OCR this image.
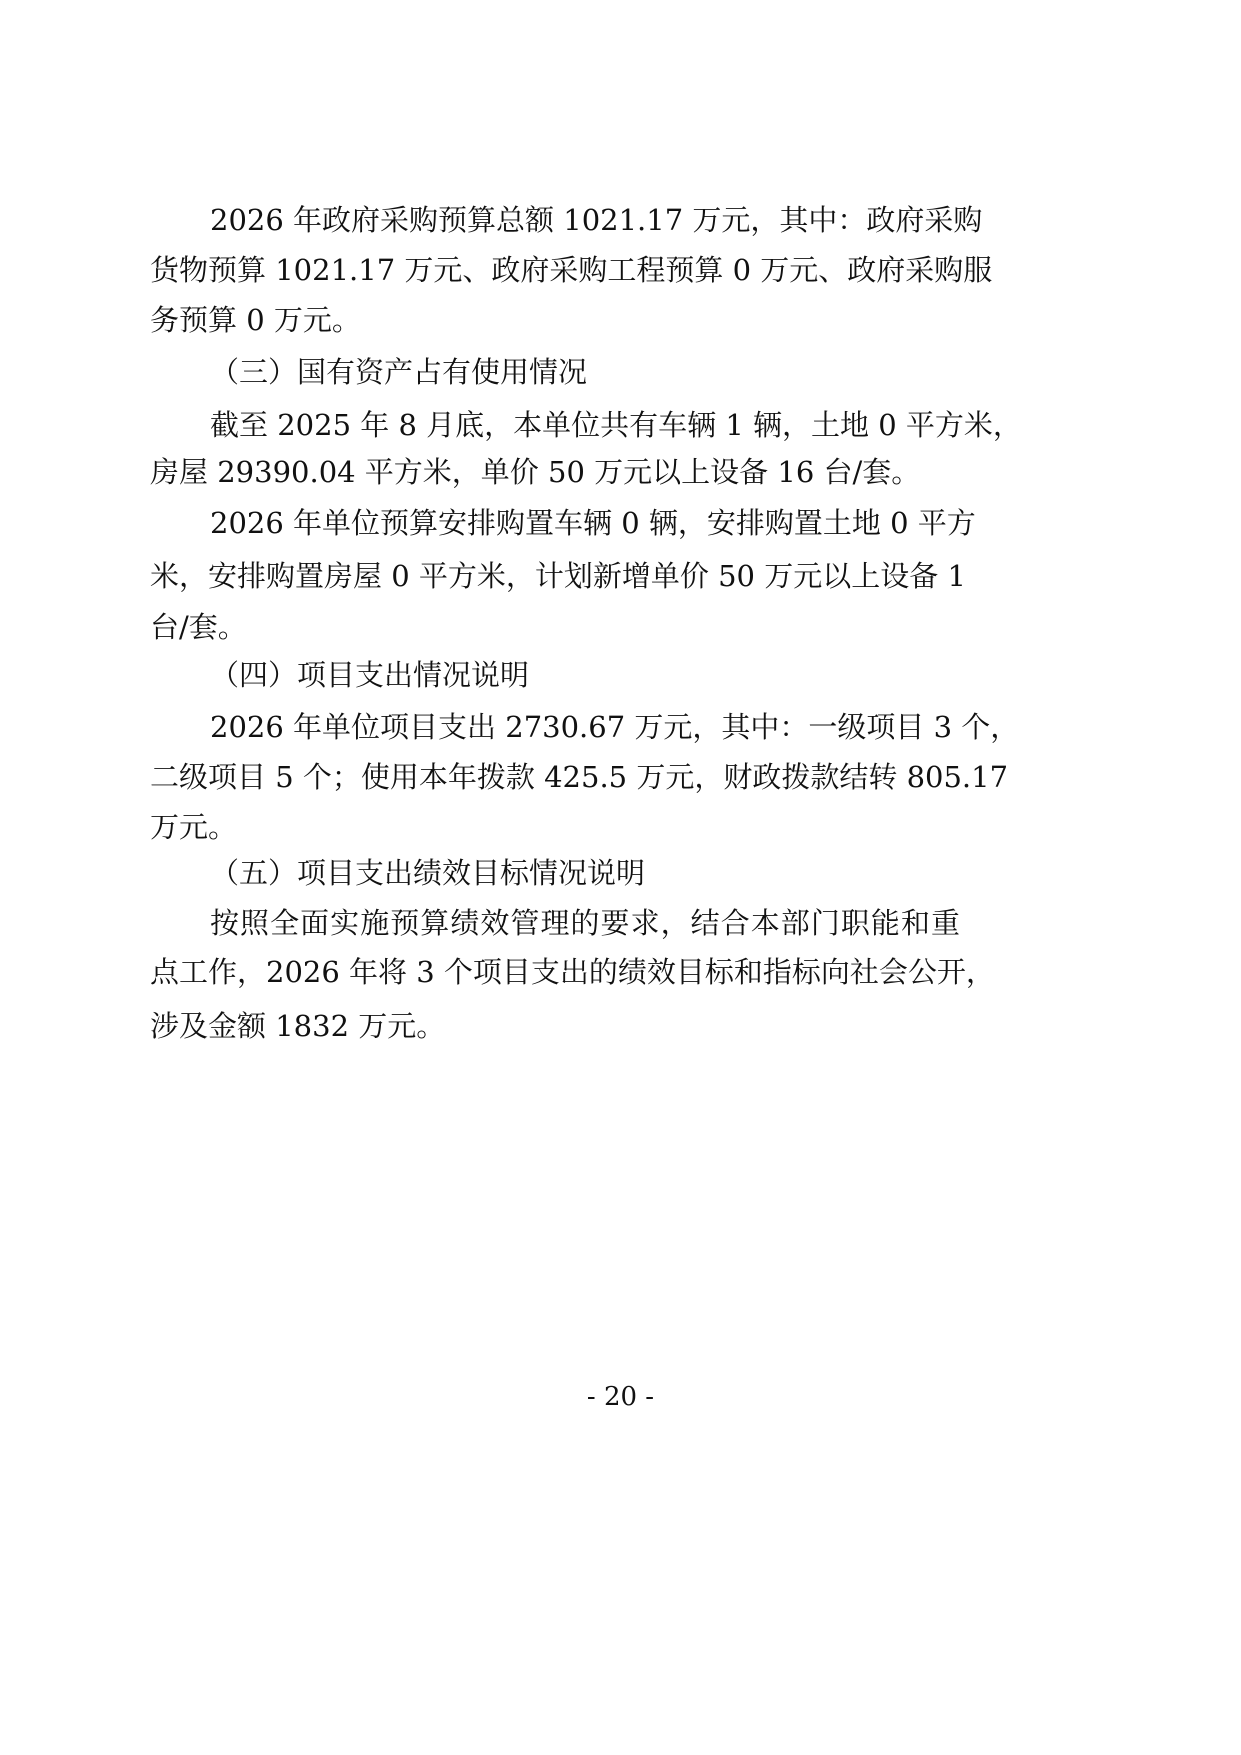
2026 年政府采购预算总额 1021.17 万元，其中：政府采购
货物预算 1021.17 万元、政府采购工程预算 0 万元、政府采购服
务预算 0 万元。
（三）国有资产占有使用情况
截至 2025 年 8 月底，本单位共有车辆 1 辆，土地 0 平方米，
房屋 29390.04 平方米，单价 50 万元以上设备 16 台/套。
2026 年单位预算安排购置车辆 0 辆，安排购置土地 0 平方
米，安排购置房屋 0 平方米，计划新增单价 50 万元以上设备 1
台/套。
（四）项目支出情况说明
2026 年单位项目支出 2730.67 万元，其中：一级项目 3 个，
二级项目 5 个；使用本年拨款 425.5 万元，财政拨款结转 805.17
万元。
（五）项目支出绩效目标情况说明
按照全面实施预算绩效管理的要求，结合本部门职能和重
点工作，2026 年将 3 个项目支出的绩效目标和指标向社会公开，
涉及金额 1832 万元。
- 20 -
